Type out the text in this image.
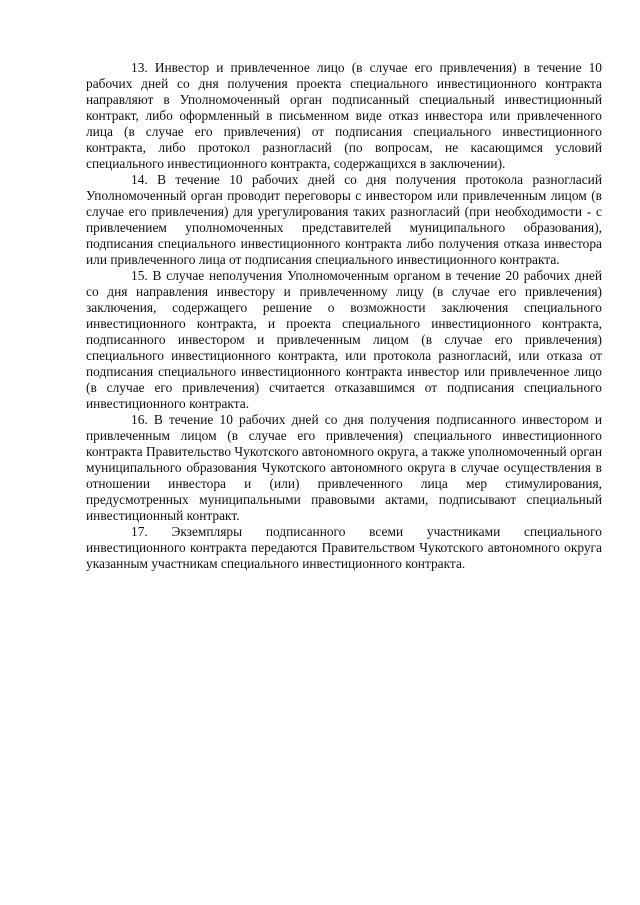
13. Инвестор и привлеченное лицо (в случае его привлечения) в течение 10 рабочих дней со дня получения проекта специального инвестиционного контракта направляют в Уполномоченный орган подписанный специальный инвестиционный контракт, либо оформленный в письменном виде отказ инвестора или привлеченного лица (в случае его привлечения) от подписания специального инвестиционного контракта, либо протокол разногласий (по вопросам, не касающимся условий специального инвестиционного контракта, содержащихся в заключении).

14. В течение 10 рабочих дней со дня получения протокола разногласий Уполномоченный орган проводит переговоры с инвестором или привлеченным лицом (в случае его привлечения) для урегулирования таких разногласий (при необходимости - с привлечением уполномоченных представителей муниципального образования), подписания специального инвестиционного контракта либо получения отказа инвестора или привлеченного лица от подписания специального инвестиционного контракта.

15. В случае неполучения Уполномоченным органом в течение 20 рабочих дней со дня направления инвестору и привлеченному лицу (в случае его привлечения) заключения, содержащего решение о возможности заключения специального инвестиционного контракта, и проекта специального инвестиционного контракта, подписанного инвестором и привлеченным лицом (в случае его привлечения) специального инвестиционного контракта, или протокола разногласий, или отказа от подписания специального инвестиционного контракта инвестор или привлеченное лицо (в случае его привлечения) считается отказавшимся от подписания специального инвестиционного контракта.

16. В течение 10 рабочих дней со дня получения подписанного инвестором и привлеченным лицом (в случае его привлечения) специального инвестиционного контракта Правительство Чукотского автономного округа, а также уполномоченный орган муниципального образования Чукотского автономного округа в случае осуществления в отношении инвестора и (или) привлеченного лица мер стимулирования, предусмотренных муниципальными правовыми актами, подписывают специальный инвестиционный контракт.

17. Экземпляры подписанного всеми участниками специального инвестиционного контракта передаются Правительством Чукотского автономного округа указанным участникам специального инвестиционного контракта.
